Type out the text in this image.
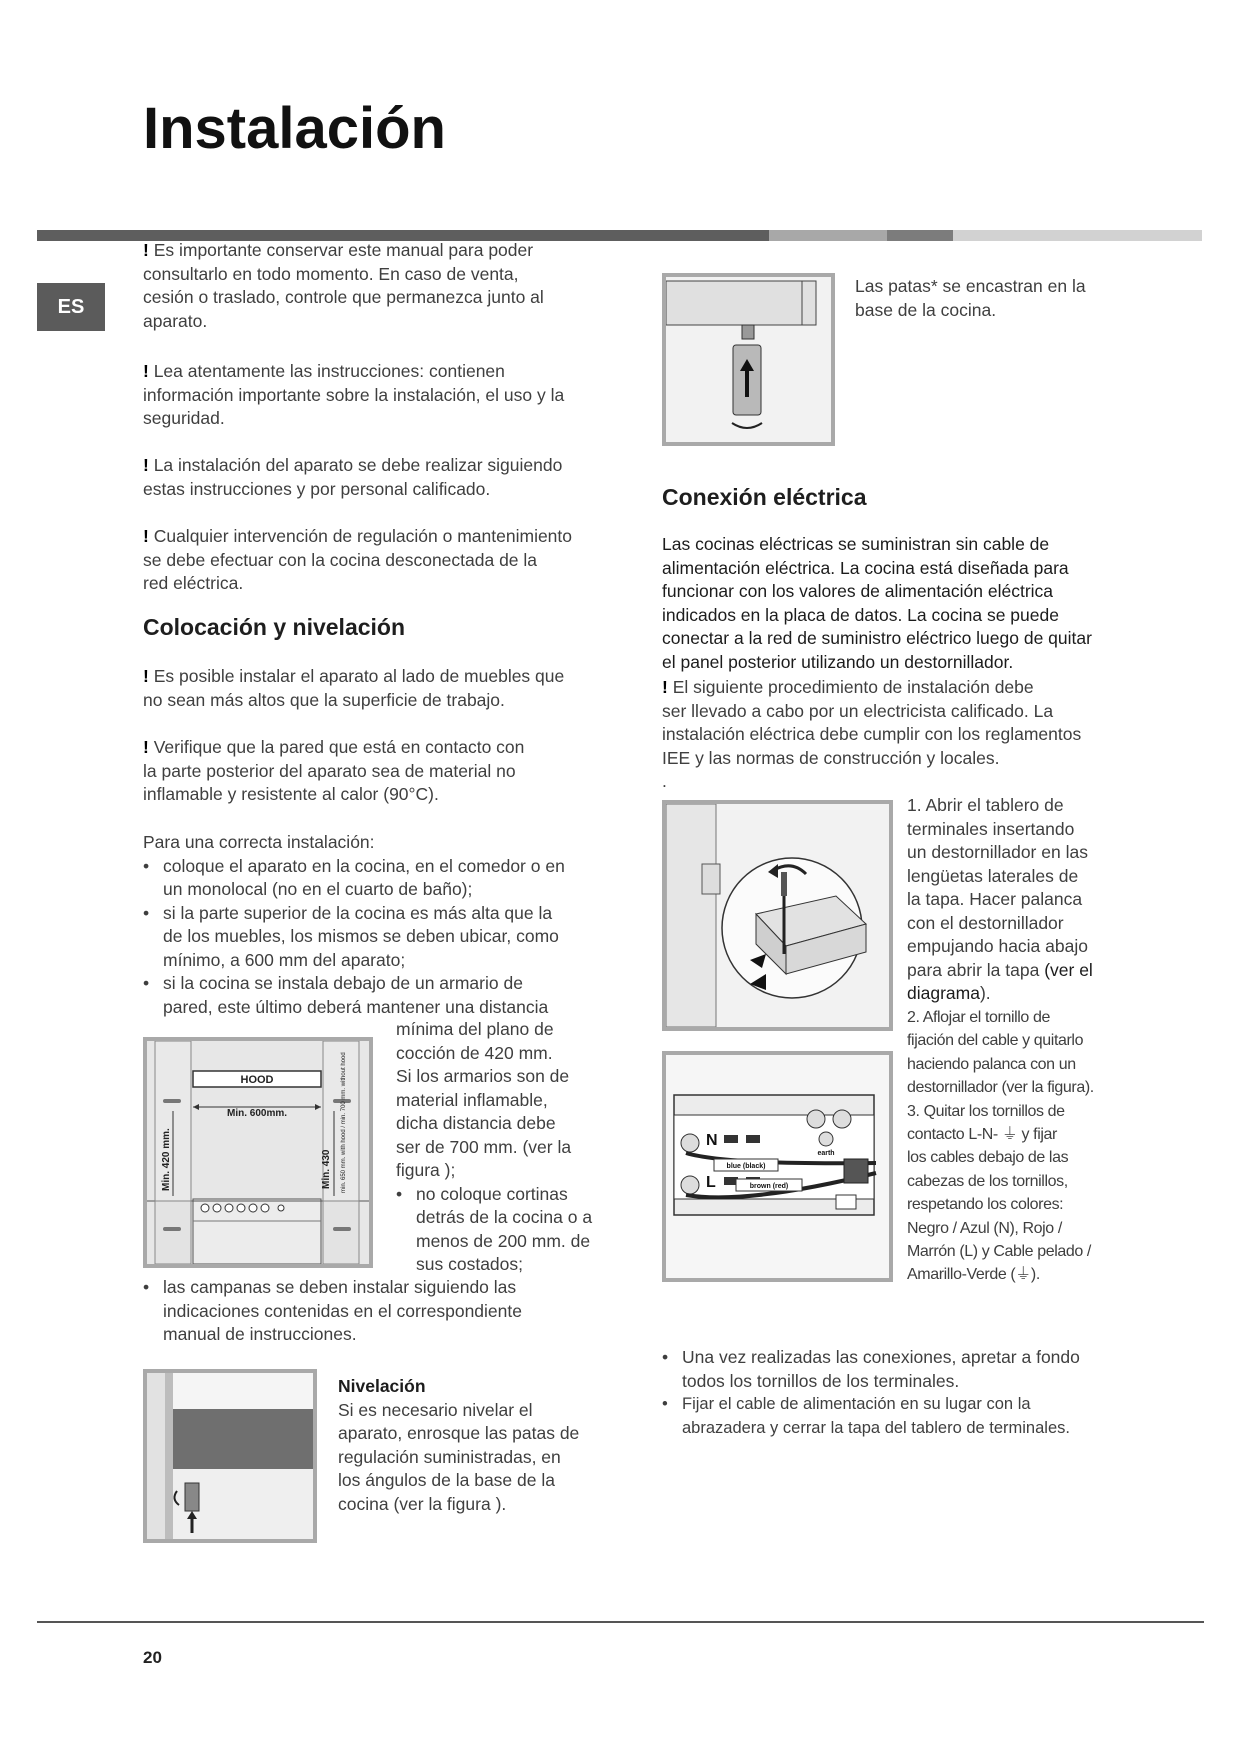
Instalación
ES
! Es importante conservar este manual para poder
consultarlo en todo momento. En caso de venta,
cesión o traslado, controle que permanezca junto al
aparato.
! Lea atentamente las instrucciones: contienen
información importante sobre la instalación, el uso y la
seguridad.
! La instalación del aparato se debe realizar siguiendo
estas instrucciones y por personal calificado.
! Cualquier intervención de regulación o mantenimiento
se debe efectuar con la cocina desconectada de la
red eléctrica.
Colocación y nivelación
! Es posible instalar el aparato al lado de muebles que
no sean más altos que la superficie de trabajo.
! Verifique que la pared que está en contacto con
la parte posterior del aparato sea de material no
inflamable y resistente al calor (90°C).
Para una correcta instalación:
• coloque el aparato en la cocina, en el comedor o en
un monolocal (no en el cuarto de baño);
• si la parte superior de la cocina es más alta que la
de los muebles, los mismos se deben ubicar, como
mínimo, a 600 mm del aparato;
• si la cocina se instala debajo de un armario de
pared, este último deberá mantener una distancia
mínima del plano de
cocción de 420 mm.
Si los armarios son de
material inflamable,
dicha distancia debe
ser de 700 mm. (ver la
figura );
• no coloque cortinas
detrás de la cocina o a
menos de 200 mm. de
sus costados;
• las campanas se deben instalar siguiendo las
indicaciones contenidas en el correspondiente
manual de instrucciones.
HOOD
Min. 600mm.
Min. 420 mm.	Min. 430 min. 650 mm. with hood / min. 700 mm. without hood
Nivelación
Si es necesario nivelar el
aparato, enrosque las patas de
regulación suministradas, en
los ángulos de la base de la
cocina (ver la figura ).
Las patas* se encastran en la
base de la cocina.
Conexión eléctrica
Las cocinas eléctricas se suministran sin cable de
alimentación eléctrica. La cocina está diseñada para
funcionar con los valores de alimentación eléctrica
indicados en la placa de datos. La cocina se puede
conectar a la red de suministro eléctrico luego de quitar
el panel posterior utilizando un destornillador.
! El siguiente procedimiento de instalación debe
ser llevado a cabo por un electricista calificado. La
instalación eléctrica debe cumplir con los reglamentos
IEE y las normas de construcción y locales.
.
N
L
blue (black)
brown (red)
earth
1. Abrir el tablero de
terminales insertando
un destornillador en las
lengüetas laterales de
la tapa. Hacer palanca
con el destornillador
empujando hacia abajo
para abrir la tapa (ver el
diagrama).
2. Aflojar el tornillo de
fijación del cable y quitarlo
haciendo palanca con un
destornillador (ver la figura).
3. Quitar los tornillos de
contacto L-N- ⏚ y fijar
los cables debajo de las
cabezas de los tornillos,
respetando los colores:
Negro / Azul (N), Rojo /
Marrón (L) y Cable pelado /
Amarillo-Verde (⏚).
• Una vez realizadas las conexiones, apretar a fondo
todos los tornillos de los terminales.
• Fijar el cable de alimentación en su lugar con la
abrazadera y cerrar la tapa del tablero de terminales.
20
